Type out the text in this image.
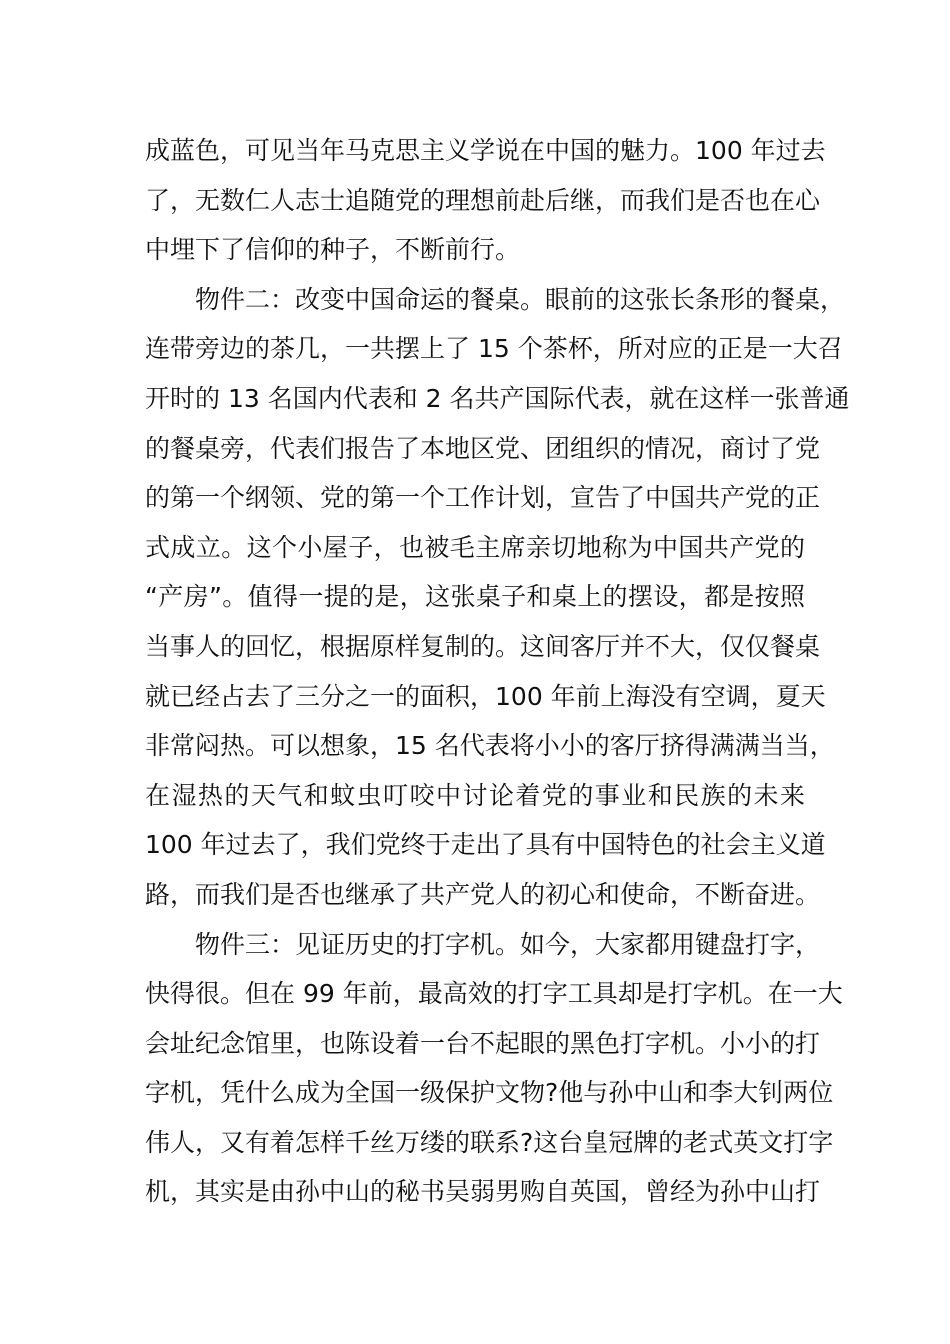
成蓝色，可见当年马克思主义学说在中国的魅力。100 年过去
了，无数仁人志士追随党的理想前赴后继，而我们是否也在心
中埋下了信仰的种子，不断前行。
物件二：改变中国命运的餐桌。眼前的这张长条形的餐桌，
连带旁边的茶几，一共摆上了 15 个茶杯，所对应的正是一大召
开时的 13 名国内代表和 2 名共产国际代表，就在这样一张普通
的餐桌旁，代表们报告了本地区党、团组织的情况，商讨了党
的第一个纲领、党的第一个工作计划，宣告了中国共产党的正
式成立。这个小屋子，也被毛主席亲切地称为中国共产党的
“产房”。值得一提的是，这张桌子和桌上的摆设，都是按照
当事人的回忆，根据原样复制的。这间客厅并不大，仅仅餐桌
就已经占去了三分之一的面积，100 年前上海没有空调，夏天
非常闷热。可以想象，15 名代表将小小的客厅挤得满满当当，
在湿热的天气和蚊虫叮咬中讨论着党的事业和民族的未来
100 年过去了，我们党终于走出了具有中国特色的社会主义道
路，而我们是否也继承了共产党人的初心和使命，不断奋进。
物件三：见证历史的打字机。如今，大家都用键盘打字，
快得很。但在 99 年前，最高效的打字工具却是打字机。在一大
会址纪念馆里，也陈设着一台不起眼的黑色打字机。小小的打
字机，凭什么成为全国一级保护文物?他与孙中山和李大钊两位
伟人，又有着怎样千丝万缕的联系?这台皇冠牌的老式英文打字
机，其实是由孙中山的秘书吴弱男购自英国，曾经为孙中山打
